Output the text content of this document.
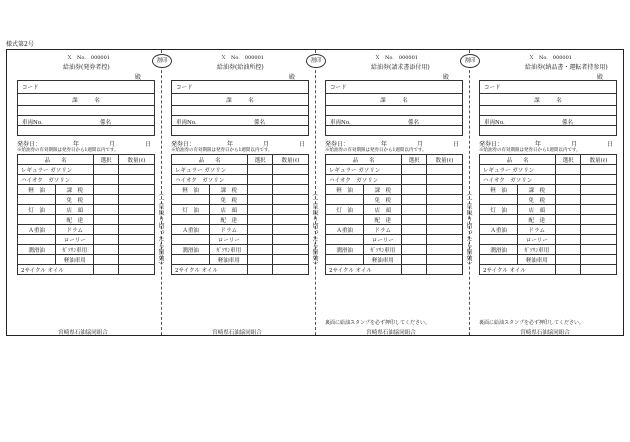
様式第2号
割印	割印	割印
（一旦取り切ったら無効）	（一旦取り切ったら無効）	（一旦取り切ったら無効）
Ｘ　No.　000001
給油券(発券者控)
殿
コード
課　　　名
車両No.	係名
発券日：	年	月	日
※給油券の有効期限は発券日から1週間以内です。
品　　名		選択	数量(ℓ)
レギュラー ガソリン			
ハイオク　ガソリン			
軽　油	課　税		
	免　税		
灯　油	店　頭		
	配　達		
Ａ重油	ドラム		
	ローリー		
潤滑油	ｶﾞｿﾘﾝ車用		
	軽油車用		
2サイクル オイル			
宮崎県石油協同組合
Ｘ　No.　000001
給油券(給油所控)
殿
コード
課　　　名
車両No.	係名
発券日：	年	月	日
※給油券の有効期限は発券日から1週間以内です。
品　　名		選択	数量(ℓ)
レギュラー ガソリン			
ハイオク　ガソリン			
軽　油	課　税		
	免　税		
灯　油	店　頭		
	配　達		
Ａ重油	ドラム		
	ローリー		
潤滑油	ｶﾞｿﾘﾝ車用		
	軽油車用		
2サイクル オイル			
宮崎県石油協同組合
Ｘ　No.　000001
給油券(請求書添付用)
殿
コード
課　　　名
車両No.	係名
発券日：	年	月	日
※給油券の有効期限は発券日から1週間以内です。
品　　名		選択	数量(ℓ)
レギュラー ガソリン			
ハイオク　ガソリン			
軽　油	課　税		
	免　税		
灯　油	店　頭		
	配　達		
Ａ重油	ドラム		
	ローリー		
潤滑油	ｶﾞｿﾘﾝ車用		
	軽油車用		
2サイクル オイル			
裏面に給油スタンプを必ず押印してください。
宮崎県石油協同組合
Ｘ　No.　000001
給油券(納品書・運転者持参用)
殿
コード
課　　　名
車両No.	係名
発券日：	年	月	日
※給油券の有効期限は発券日から1週間以内です。
品　　名		選択	数量(ℓ)
レギュラー ガソリン			
ハイオク　ガソリン			
軽　油	課　税		
	免　税		
灯　油	店　頭		
	配　達		
Ａ重油	ドラム		
	ローリー		
潤滑油	ｶﾞｿﾘﾝ車用		
	軽油車用		
2サイクル オイル			
裏面に給油スタンプを必ず押印してください。
宮崎県石油協同組合
